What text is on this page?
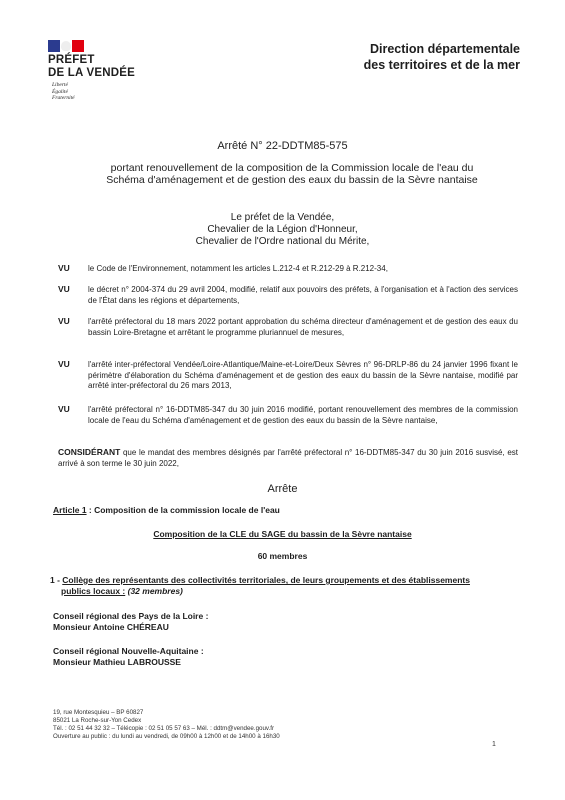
PRÉFET
DE LA VENDÉE
Liberté
Égalité
Fraternité
Direction départementale
des territoires et de la mer
Arrêté N° 22-DDTM85-575
portant renouvellement de la composition de la Commission locale de l'eau du
Schéma d'aménagement et de gestion des eaux du bassin de la Sèvre nantaise
Le préfet de la Vendée,
Chevalier de la Légion d'Honneur,
Chevalier de l'Ordre national du Mérite,
VU le Code de l'Environnement, notamment les articles L.212-4 et R.212-29 à R.212-34,
VU le décret n° 2004-374 du 29 avril 2004, modifié, relatif aux pouvoirs des préfets, à l'organisation et à l'action des services de l'État dans les régions et départements,
VU l'arrêté préfectoral du 18 mars 2022 portant approbation du schéma directeur d'aménagement et de gestion des eaux du bassin Loire-Bretagne et arrêtant le programme pluriannuel de mesures,
VU l'arrêté inter-préfectoral Vendée/Loire-Atlantique/Maine-et-Loire/Deux Sèvres n° 96-DRLP-86 du 24 janvier 1996 fixant le périmètre d'élaboration du Schéma d'aménagement et de gestion des eaux du bassin de la Sèvre nantaise, modifié par arrêté inter-préfectoral du 26 mars 2013,
VU l'arrêté préfectoral n° 16-DDTM85-347 du 30 juin 2016 modifié, portant renouvellement des membres de la commission locale de l'eau du Schéma d'aménagement et de gestion des eaux du bassin de la Sèvre nantaise,
CONSIDÉRANT que le mandat des membres désignés par l'arrêté préfectoral n° 16-DDTM85-347 du 30 juin 2016 susvisé, est arrivé à son terme le 30 juin 2022,
Arrête
Article 1 : Composition de la commission locale de l'eau
Composition de la CLE du SAGE du bassin de la Sèvre nantaise
60 membres
1 - Collège des représentants des collectivités territoriales, de leurs groupements et des établissements
publics locaux : (32 membres)
Conseil régional des Pays de la Loire :
Monsieur Antoine CHÉREAU
Conseil régional Nouvelle-Aquitaine :
Monsieur Mathieu LABROUSSE
19, rue Montesquieu – BP 60827
85021 La Roche-sur-Yon Cedex
Tél. : 02 51 44 32 32 – Télécopie : 02 51 05 57 63 – Mél. : ddtm@vendee.gouv.fr
Ouverture au public : du lundi au vendredi, de 09h00 à 12h00 et de 14h00 à 16h30
1
